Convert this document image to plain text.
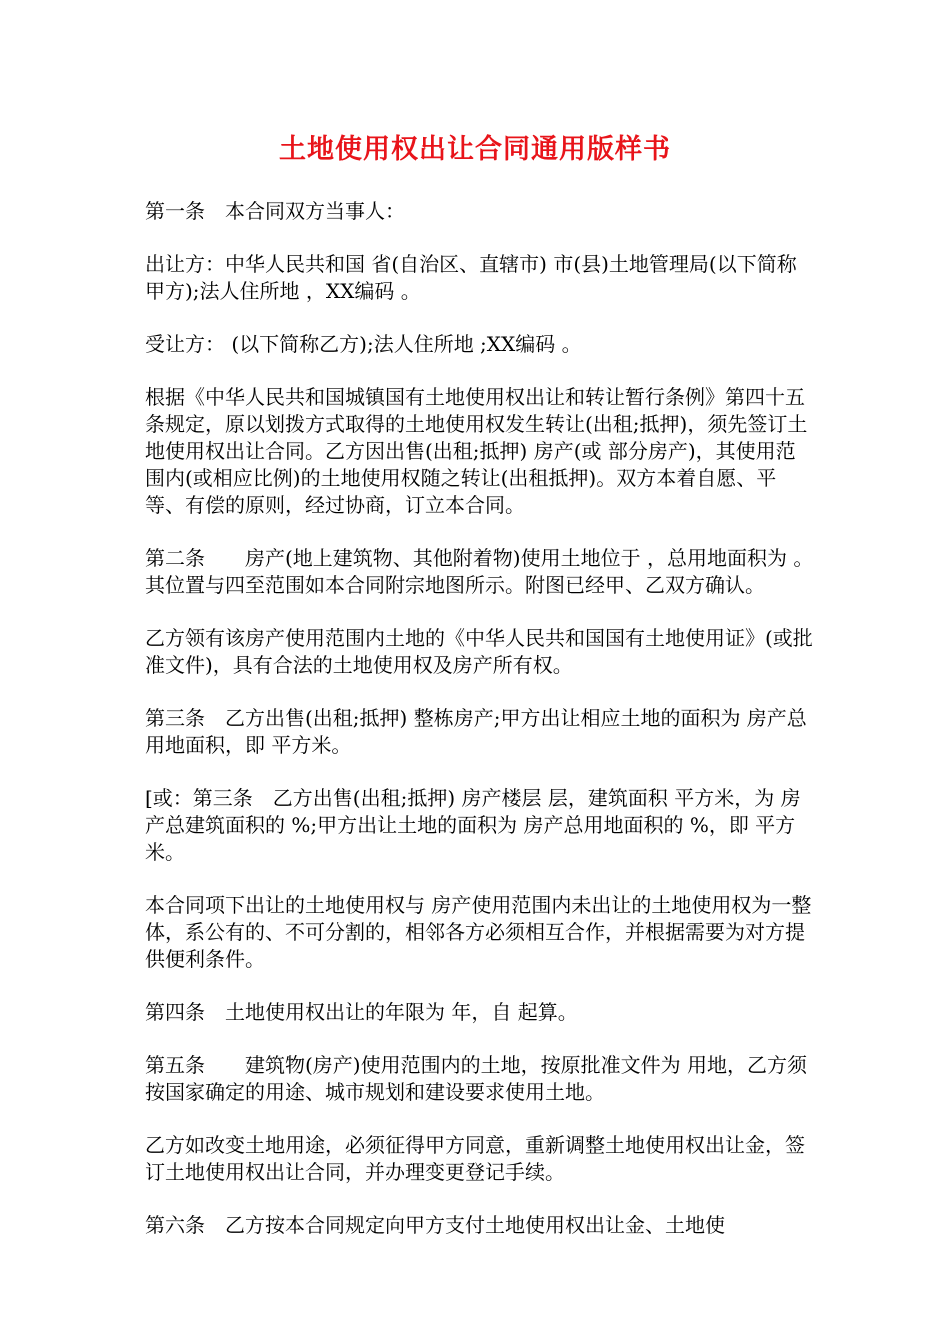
土地使用权出让合同通用版样书

第一条　本合同双方当事人：

出让方：中华人民共和国 省(自治区、直辖市) 市(县)土地管理局(以下简称甲方);法人住所地 ，XX编码 。

受让方： (以下简称乙方);法人住所地 ;XX编码 。

根据《中华人民共和国城镇国有土地使用权出让和转让暂行条例》第四十五条规定，原以划拨方式取得的土地使用权发生转让(出租;抵押)，须先签订土地使用权出让合同。乙方因出售(出租;抵押) 房产(或 部分房产)，其使用范围内(或相应比例)的土地使用权随之转让(出租抵押)。双方本着自愿、平等、有偿的原则，经过协商，订立本合同。

第二条　　房产(地上建筑物、其他附着物)使用土地位于 ，总用地面积为 。其位置与四至范围如本合同附宗地图所示。附图已经甲、乙双方确认。

乙方领有该房产使用范围内土地的《中华人民共和国国有土地使用证》(或批准文件)，具有合法的土地使用权及房产所有权。

第三条　乙方出售(出租;抵押) 整栋房产;甲方出让相应土地的面积为 房产总用地面积，即 平方米。

[或：第三条　乙方出售(出租;抵押) 房产楼层 层，建筑面积 平方米，为 房产总建筑面积的 %;甲方出让土地的面积为 房产总用地面积的 %，即 平方米。

本合同项下出让的土地使用权与 房产使用范围内未出让的土地使用权为一整体，系公有的、不可分割的，相邻各方必须相互合作，并根据需要为对方提供便利条件。

第四条　土地使用权出让的年限为 年，自 起算。

第五条　　建筑物(房产)使用范围内的土地，按原批准文件为 用地，乙方须按国家确定的用途、城市规划和建设要求使用土地。

乙方如改变土地用途，必须征得甲方同意，重新调整土地使用权出让金，签订土地使用权出让合同，并办理变更登记手续。

第六条　乙方按本合同规定向甲方支付土地使用权出让金、土地使
